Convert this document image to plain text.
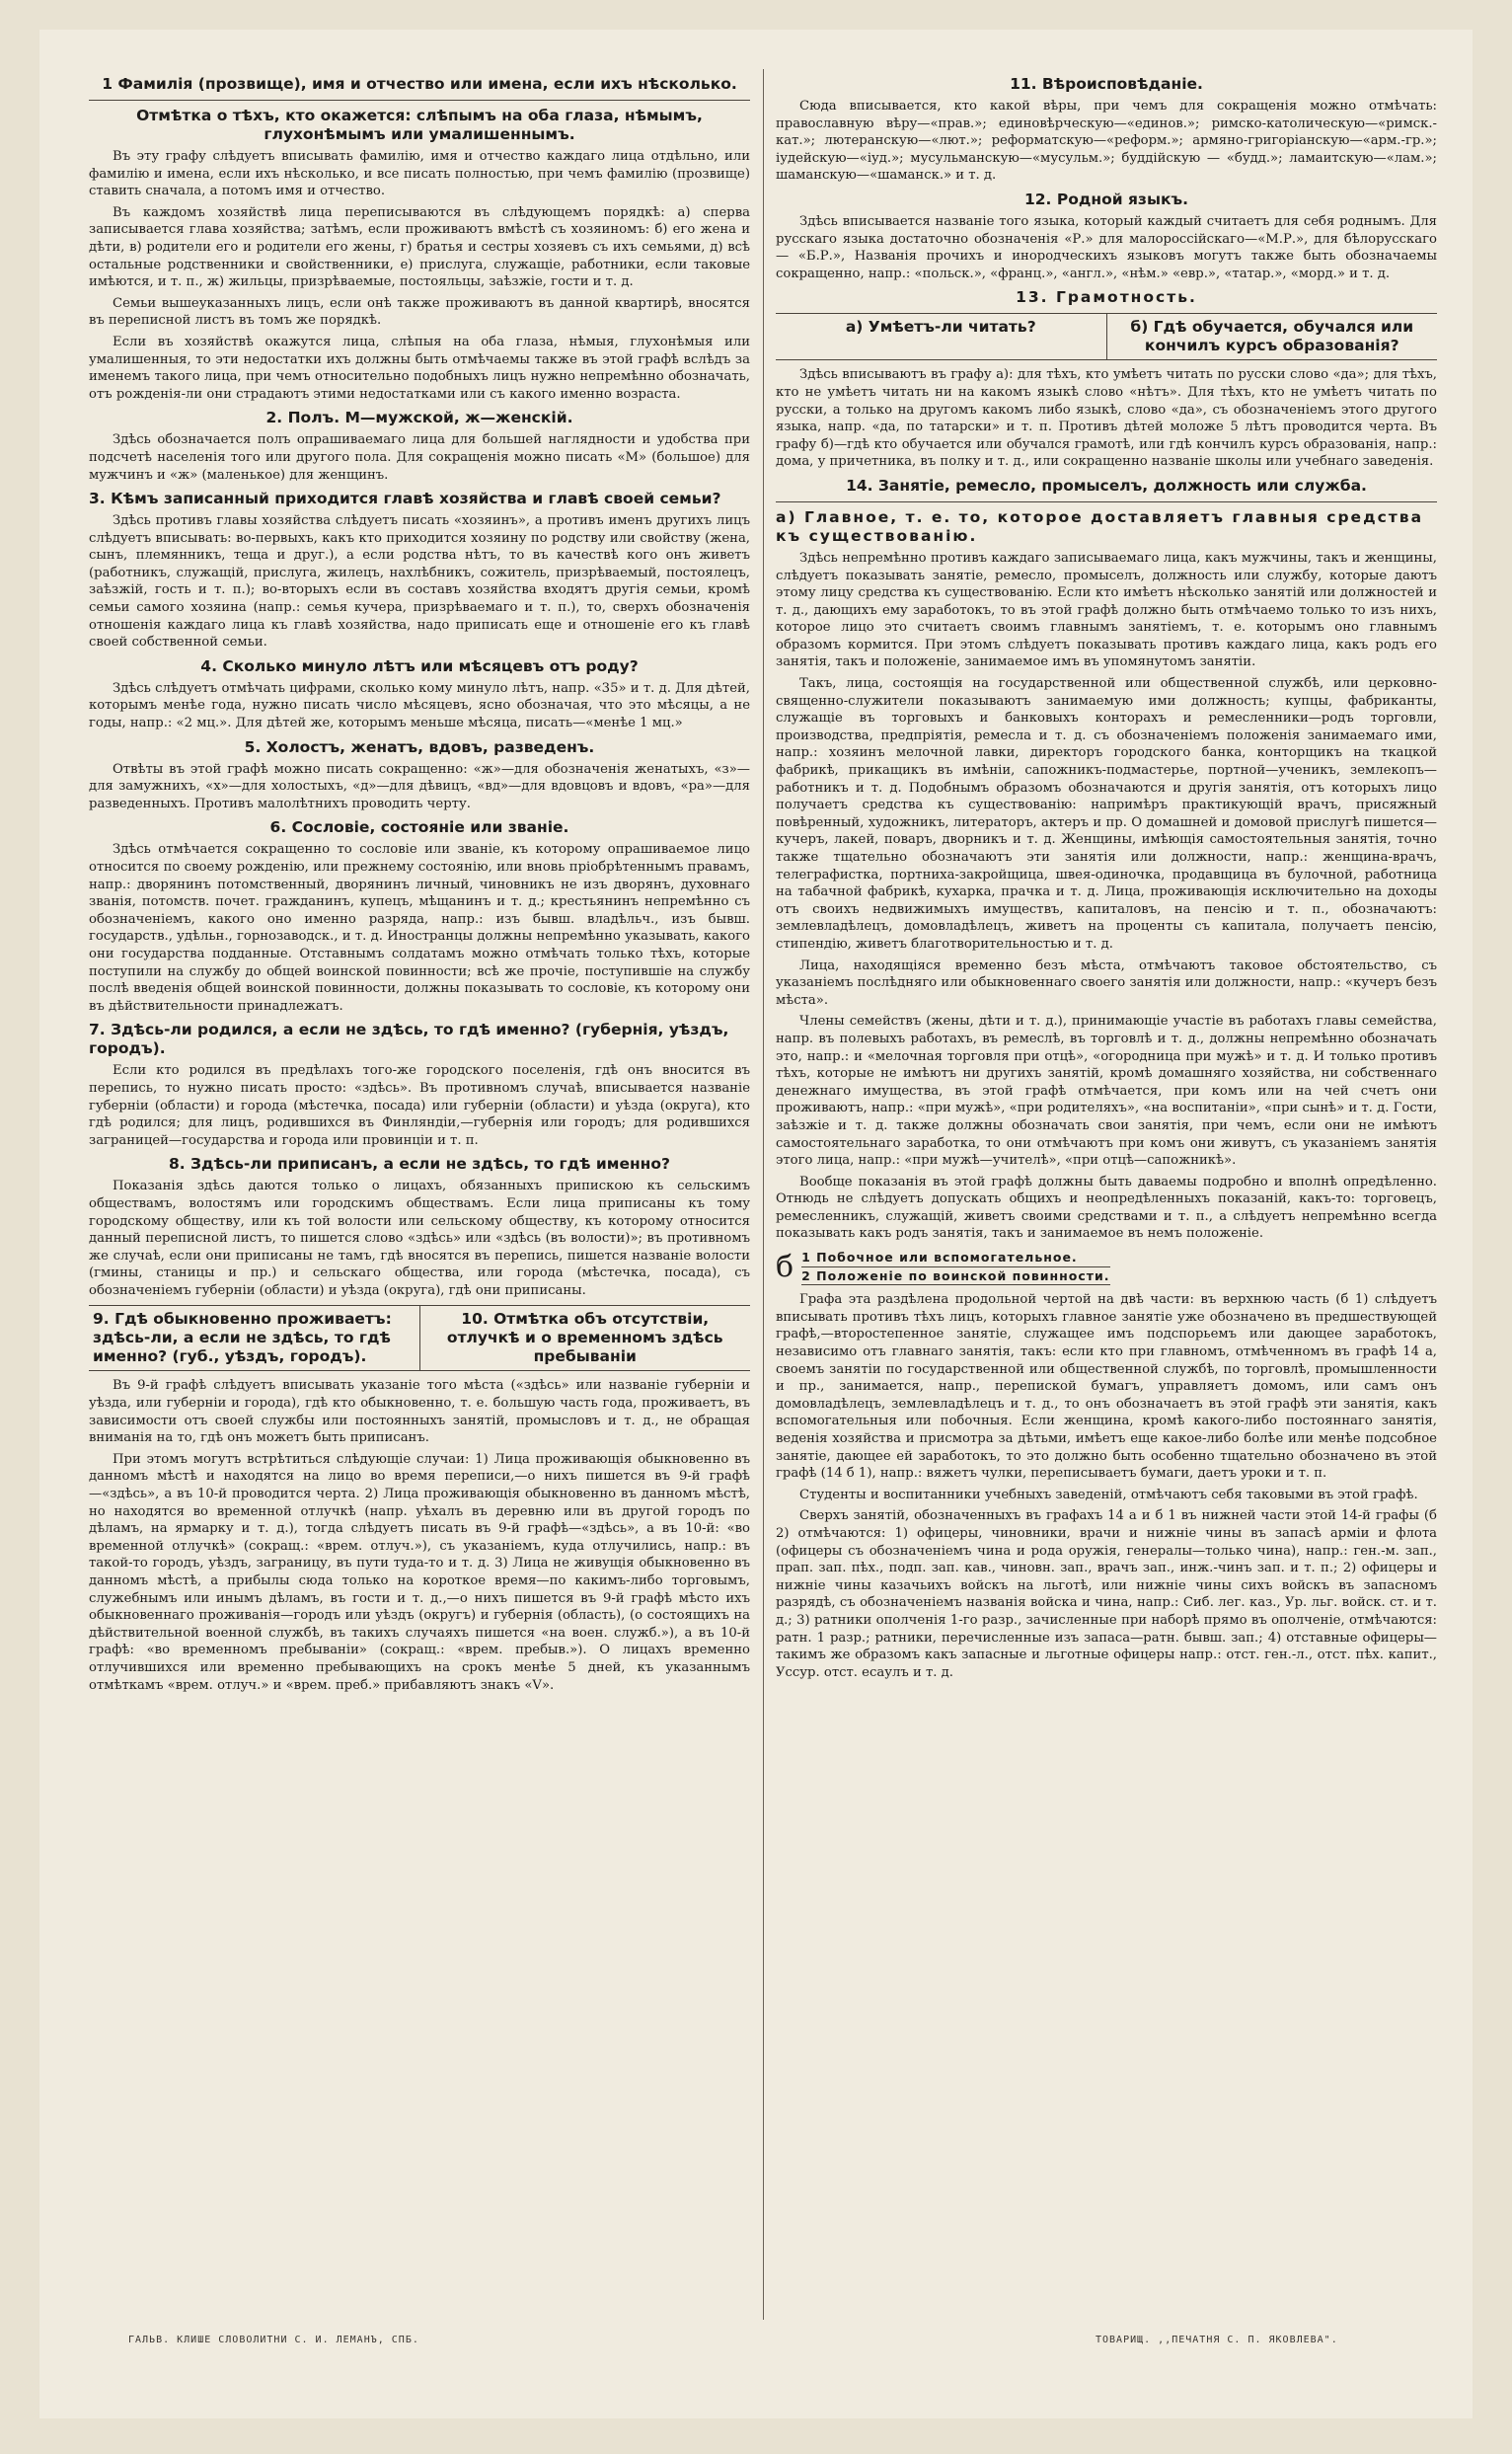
1 Фамилія (прозвище), имя и отчество или имена, если ихъ нѣсколько.
Отмѣтка о тѣхъ, кто окажется: слѣпымъ на оба глаза, нѣмымъ, глухонѣмымъ или умалишеннымъ.

Въ эту графу слѣдуетъ вписывать фамилію, имя и отчество каждаго лица отдѣльно, или фамилію и имена, если ихъ нѣсколько, и все писать полностью, при чемъ фамилію (прозвище) ставить сначала, а потомъ имя и отчество.

Въ каждомъ хозяйствѣ лица переписываются въ слѣдующемъ порядкѣ: а) сперва записывается глава хозяйства; затѣмъ, если проживаютъ вмѣстѣ съ хозяиномъ: б) его жена и дѣти, в) родители его и родители его жены, г) братья и сестры хозяевъ съ ихъ семьями, д) всѣ остальные родственники и свойственники, е) прислуга, служащіе, работники, если таковые имѣются, и т. п., ж) жильцы, призрѣваемые, постояльцы, заѣзжіе, гости и т. д.

Семьи вышеуказанныхъ лицъ, если онѣ также проживаютъ въ данной квартирѣ, вносятся въ переписной листъ въ томъ же порядкѣ.

Если въ хозяйствѣ окажутся лица, слѣпыя на оба глаза, нѣмыя, глухонѣмыя или умалишенныя, то эти недостатки ихъ должны быть отмѣчаемы также въ этой графѣ вслѣдъ за именемъ такого лица, при чемъ относительно подобныхъ лицъ нужно непремѣнно обозначать, отъ рожденія-ли они страдаютъ этими недостатками или съ какого именно возраста.

2. Полъ. М—мужской, ж—женскій.

Здѣсь обозначается полъ опрашиваемаго лица для большей наглядности и удобства при подсчетѣ населенія того или другого пола. Для сокращенія можно писать «М» (большое) для мужчинъ и «ж» (маленькое) для женщинъ.

3. Кѣмъ записанный приходится главѣ хозяйства и главѣ своей семьи?

Здѣсь противъ главы хозяйства слѣдуетъ писать «хозяинъ», а противъ именъ другихъ лицъ слѣдуетъ вписывать: во-первыхъ, какъ кто приходится хозяину по родству или свойству (жена, сынъ, племянникъ, теща и друг.), а если родства нѣтъ, то въ качествѣ кого онъ живетъ (работникъ, служащій, прислуга, жилецъ, нахлѣбникъ, сожитель, призрѣваемый, постоялецъ, заѣзжій, гость и т. п.); во-вторыхъ если въ составъ хозяйства входятъ другія семьи, кромѣ семьи самого хозяина (напр.: семья кучера, призрѣваемаго и т. п.), то, сверхъ обозначенія отношенія каждаго лица къ главѣ хозяйства, надо приписать еще и отношеніе его къ главѣ своей собственной семьи.

4. Сколько минуло лѣтъ или мѣсяцевъ отъ роду?

Здѣсь слѣдуетъ отмѣчать цифрами, сколько кому минуло лѣтъ, напр. «35» и т. д. Для дѣтей, которымъ менѣе года, нужно писать число мѣсяцевъ, ясно обозначая, что это мѣсяцы, а не годы, напр.: «2 мц.». Для дѣтей же, которымъ меньше мѣсяца, писать—«менѣе 1 мц.»

5. Холостъ, женатъ, вдовъ, разведенъ.

Отвѣты въ этой графѣ можно писать сокращенно: «ж»—для обозначенія женатыхъ, «з»—для замужнихъ, «х»—для холостыхъ, «д»—для дѣвицъ, «вд»—для вдовцовъ и вдовъ, «ра»—для разведенныхъ. Противъ малолѣтнихъ проводить черту.

6. Сословіе, состояніе или званіе.

Здѣсь отмѣчается сокращенно то сословіе или званіе, къ которому опрашиваемое лицо относится по своему рожденію, или прежнему состоянію, или вновь пріобрѣтеннымъ правамъ, напр.: дворянинъ потомственный, дворянинъ личный, чиновникъ не изъ дворянъ, духовнаго званія, потомств. почет. гражданинъ, купецъ, мѣщанинъ и т. д.; крестьянинъ непремѣнно съ обозначеніемъ, какого оно именно разряда, напр.: изъ бывш. владѣльч., изъ бывш. государств., удѣльн., горнозаводск., и т. д. Иностранцы должны непремѣнно указывать, какого они государства подданные. Отставнымъ солдатамъ можно отмѣчать только тѣхъ, которые поступили на службу до общей воинской повинности; всѣ же прочіе, поступившіе на службу послѣ введенія общей воинской повинности, должны показывать то сословіе, къ которому они въ дѣйствительности принадлежатъ.

7. Здѣсь-ли родился, а если не здѣсь, то гдѣ именно? (губернія, уѣздъ, городъ).

Если кто родился въ предѣлахъ того-же городского поселенія, гдѣ онъ вносится въ перепись, то нужно писать просто: «здѣсь». Въ противномъ случаѣ, вписывается названіе губерніи (области) и города (мѣстечка, посада) или губерніи (области) и уѣзда (округа), кто гдѣ родился; для лицъ, родившихся въ Финляндіи,—губернія или городъ; для родившихся заграницей—государства и города или провинціи и т. п.

8. Здѣсь-ли приписанъ, а если не здѣсь, то гдѣ именно?

Показанія здѣсь даются только о лицахъ, обязанныхъ припискою къ сельскимъ обществамъ, волостямъ или городскимъ обществамъ. Если лица приписаны къ тому городскому обществу, или къ той волости или сельскому обществу, къ которому относится данный переписной листъ, то пишется слово «здѣсь» или «здѣсь (въ волости)»; въ противномъ же случаѣ, если они приписаны не тамъ, гдѣ вносятся въ перепись, пишется названіе волости (гмины, станицы и пр.) и сельскаго общества, или города (мѣстечка, посада), съ обозначеніемъ губерніи (области) и уѣзда (округа), гдѣ они приписаны.

9. Гдѣ обыкновенно проживаетъ: здѣсь-ли, а если не здѣсь, то гдѣ именно? (губ., уѣздъ, городъ).
10. Отмѣтка объ отсутствіи, отлучкѣ и о временномъ здѣсь пребываніи

Въ 9-й графѣ слѣдуетъ вписывать указаніе того мѣста («здѣсь» или названіе губерніи и уѣзда, или губерніи и города), гдѣ кто обыкновенно, т. е. большую часть года, проживаетъ, въ зависимости отъ своей службы или постоянныхъ занятій, промысловъ и т. д., не обращая вниманія на то, гдѣ онъ можетъ быть приписанъ.

При этомъ могутъ встрѣтиться слѣдующіе случаи: 1) Лица проживающія обыкновенно въ данномъ мѣстѣ и находятся на лицо во время переписи,—о нихъ пишется въ 9-й графѣ—«здѣсь», а въ 10-й проводится черта. 2) Лица проживающія обыкновенно въ данномъ мѣстѣ, но находятся во временной отлучкѣ (напр. уѣхалъ въ деревню или въ другой городъ по дѣламъ, на ярмарку и т. д.), тогда слѣдуетъ писать въ 9-й графѣ—«здѣсь», а въ 10-й: «во временной отлучкѣ» (сокращ.: «врем. отлуч.»), съ указаніемъ, куда отлучились, напр.: въ такой-то городъ, уѣздъ, заграницу, въ пути туда-то и т. д. 3) Лица не живущія обыкновенно въ данномъ мѣстѣ, а прибылы сюда только на короткое время—по какимъ-либо торговымъ, служебнымъ или инымъ дѣламъ, въ гости и т. д.,—о нихъ пишется въ 9-й графѣ мѣсто ихъ обыкновеннаго проживанія—городъ или уѣздъ (округъ) и губернія (область), (о состоящихъ на дѣйствительной военной службѣ, въ такихъ случаяхъ пишется «на воен. служб.»), а въ 10-й графѣ: «во временномъ пребываніи» (сокращ.: «врем. пребыв.»). О лицахъ временно отлучившихся или временно пребывающихъ на срокъ менѣе 5 дней, къ указаннымъ отмѣткамъ «врем. отлуч.» и «врем. преб.» прибавляютъ знакъ «V».

11. Вѣроисповѣданіе.

Сюда вписывается, кто какой вѣры, при чемъ для сокращенія можно отмѣчать: православную вѣру—«прав.»; единовѣрческую—«единов.»; римско-католическую—«римск.-кат.»; лютеранскую—«лют.»; реформатскую—«реформ.»; армяно-григоріанскую—«арм.-гр.»; іудейскую—«іуд.»; мусульманскую—«мусульм.»; буддійскую — «будд.»; ламаитскую—«лам.»; шаманскую—«шаманск.» и т. д.

12. Родной языкъ.

Здѣсь вписывается названіе того языка, который каждый считаетъ для себя роднымъ. Для русскаго языка достаточно обозначенія «Р.» для малороссійскаго—«М.Р.», для бѣлорусскаго — «Б.Р.», Названія прочихъ и инородческихъ языковъ могутъ также быть обозначаемы сокращенно, напр.: «польск.», «франц.», «англ.», «нѣм.» «евр.», «татар.», «морд.» и т. д.

13. Грамотность.
а) Умѣетъ-ли читать?	б) Гдѣ обучается, обучался или кончилъ курсъ образованія?

Здѣсь вписываютъ въ графу а): для тѣхъ, кто умѣетъ читать по русски слово «да»; для тѣхъ, кто не умѣетъ читать ни на какомъ языкѣ слово «нѣтъ». Для тѣхъ, кто не умѣетъ читать по русски, а только на другомъ какомъ либо языкѣ, слово «да», съ обозначеніемъ этого другого языка, напр. «да, по татарски» и т. п. Противъ дѣтей моложе 5 лѣтъ проводится черта. Въ графу б)—гдѣ кто обучается или обучался грамотѣ, или гдѣ кончилъ курсъ образованія, напр.: дома, у причетника, въ полку и т. д., или сокращенно названіе школы или учебнаго заведенія.

14. Занятіе, ремесло, промыселъ, должность или служба.
а) Главное, т. е. то, которое доставляетъ главныя средства къ существованію.

Здѣсь непремѣнно противъ каждаго записываемаго лица, какъ мужчины, такъ и женщины, слѣдуетъ показывать занятіе, ремесло, промыселъ, должность или службу, которые даютъ этому лицу средства къ существованію. Если кто имѣетъ нѣсколько занятій или должностей и т. д., дающихъ ему заработокъ, то въ этой графѣ должно быть отмѣчаемо только то изъ нихъ, которое лицо это считаетъ своимъ главнымъ занятіемъ, т. е. которымъ оно главнымъ образомъ кормится. При этомъ слѣдуетъ показывать противъ каждаго лица, какъ родъ его занятія, такъ и положеніе, занимаемое имъ въ упомянутомъ занятіи.

Такъ, лица, состоящія на государственной или общественной службѣ, или церковно-священно-служители показываютъ занимаемую ими должность; купцы, фабриканты, служащіе въ торговыхъ и банковыхъ конторахъ и ремесленники—родъ торговли, производства, предпріятія, ремесла и т. д. съ обозначеніемъ положенія занимаемаго ими, напр.: хозяинъ мелочной лавки, директоръ городского банка, конторщикъ на ткацкой фабрикѣ, прикащикъ въ имѣніи, сапожникъ-подмастерье, портной—ученикъ, землекопъ—работникъ и т. д. Подобнымъ образомъ обозначаются и другія занятія, отъ которыхъ лицо получаетъ средства къ существованію: напримѣръ практикующій врачъ, присяжный повѣренный, художникъ, литераторъ, актеръ и пр. О домашней и домовой прислугѣ пишется—кучеръ, лакей, поваръ, дворникъ и т. д. Женщины, имѣющія самостоятельныя занятія, точно также тщательно обозначаютъ эти занятія или должности, напр.: женщина-врачъ, телеграфистка, портниха-закройщица, швея-одиночка, продавщица въ булочной, работница на табачной фабрикѣ, кухарка, прачка и т. д. Лица, проживающія исключительно на доходы отъ своихъ недвижимыхъ имуществъ, капиталовъ, на пенсію и т. п., обозначаютъ: землевладѣлецъ, домовладѣлецъ, живетъ на проценты съ капитала, получаетъ пенсію, стипендію, живетъ благотворительностью и т. д.

Лица, находящіяся временно безъ мѣста, отмѣчаютъ таковое обстоятельство, съ указаніемъ послѣдняго или обыкновеннаго своего занятія или должности, напр.: «кучеръ безъ мѣста».

Члены семействъ (жены, дѣти и т. д.), принимающіе участіе въ работахъ главы семейства, напр. въ полевыхъ работахъ, въ ремеслѣ, въ торговлѣ и т. д., должны непремѣнно обозначать это, напр.: и «мелочная торговля при отцѣ», «огородница при мужѣ» и т. д. И только противъ тѣхъ, которые не имѣютъ ни другихъ занятій, кромѣ домашняго хозяйства, ни собственнаго денежнаго имущества, въ этой графѣ отмѣчается, при комъ или на чей счетъ они проживаютъ, напр.: «при мужѣ», «при родителяхъ», «на воспитаніи», «при сынѣ» и т. д. Гости, заѣзжіе и т. д. также должны обозначать свои занятія, при чемъ, если они не имѣютъ самостоятельнаго заработка, то они отмѣчаютъ при комъ они живутъ, съ указаніемъ занятія этого лица, напр.: «при мужѣ—учителѣ», «при отцѣ—сапожникѣ».

Вообще показанія въ этой графѣ должны быть даваемы подробно и вполнѣ опредѣленно. Отнюдь не слѣдуетъ допускать общихъ и неопредѣленныхъ показаній, какъ-то: торговецъ, ремесленникъ, служащій, живетъ своими средствами и т. п., а слѣдуетъ непремѣнно всегда показывать какъ родъ занятія, такъ и занимаемое въ немъ положеніе.

б 1 Побочное или вспомогательное.
2 Положеніе по воинской повинности.

Графа эта раздѣлена продольной чертой на двѣ части: въ верхнюю часть (б 1) слѣдуетъ вписывать противъ тѣхъ лицъ, которыхъ главное занятіе уже обозначено въ предшествующей графѣ,—второстепенное занятіе, служащее имъ подспорьемъ или дающее заработокъ, независимо отъ главнаго занятія, такъ: если кто при главномъ, отмѣченномъ въ графѣ 14 а, своемъ занятіи по государственной или общественной службѣ, по торговлѣ, промышленности и пр., занимается, напр., перепиской бумагъ, управляетъ домомъ, или самъ онъ домовладѣлецъ, землевладѣлецъ и т. д., то онъ обозначаетъ въ этой графѣ эти занятія, какъ вспомогательныя или побочныя. Если женщина, кромѣ какого-либо постояннаго занятія, веденія хозяйства и присмотра за дѣтьми, имѣетъ еще какое-либо болѣе или менѣе подсобное занятіе, дающее ей заработокъ, то это должно быть особенно тщательно обозначено въ этой графѣ (14 б 1), напр.: вяжетъ чулки, переписываетъ бумаги, даетъ уроки и т. п.

Студенты и воспитанники учебныхъ заведеній, отмѣчаютъ себя таковыми въ этой графѣ.

Сверхъ занятій, обозначенныхъ въ графахъ 14 а и б 1 въ нижней части этой 14-й графы (б 2) отмѣчаются: 1) офицеры, чиновники, врачи и нижніе чины въ запасѣ арміи и флота (офицеры съ обозначеніемъ чина и рода оружія, генералы—только чина), напр.: ген.-м. зап., прап. зап. пѣх., подп. зап. кав., чиновн. зап., врачъ зап., инж.-чинъ зап. и т. п.; 2) офицеры и нижніе чины казачьихъ войскъ на льготѣ, или нижніе чины сихъ войскъ въ запасномъ разрядѣ, съ обозначеніемъ названія войска и чина, напр.: Сиб. лег. каз., Ур. льг. войск. ст. и т. д.; 3) ратники ополченія 1-го разр., зачисленные при наборѣ прямо въ ополченіе, отмѣчаются: ратн. 1 разр.; ратники, перечисленные изъ запаса—ратн. бывш. зап.; 4) отставные офицеры—такимъ же образомъ какъ запасные и льготные офицеры напр.: отст. ген.-л., отст. пѣх. капит., Уссур. отст. есаулъ и т. д.

ГАЛЬВ. КЛИШЕ СЛОВОЛИТНИ С. И. ЛЕМАНЪ, СПБ.	ТОВАРИЩ. ,,ПЕЧАТНЯ С. П. ЯКОВЛЕВА".
